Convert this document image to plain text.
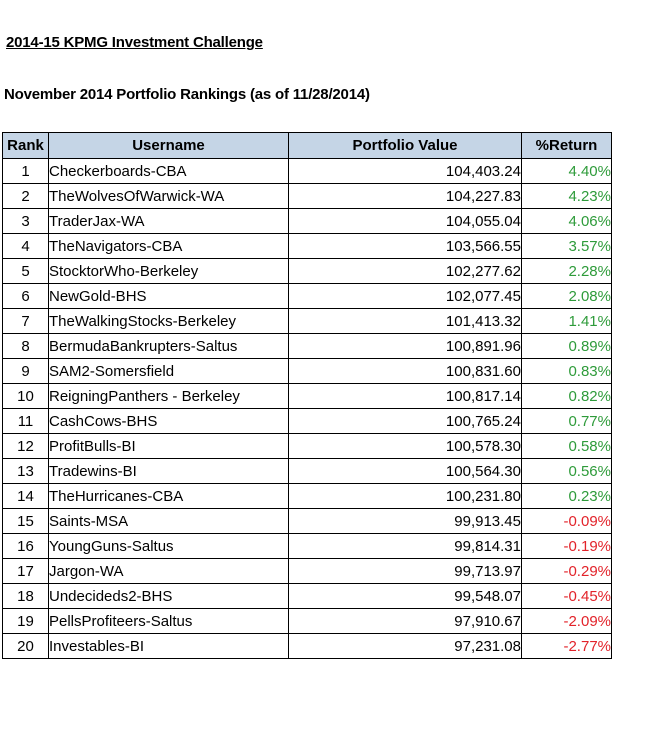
2014-15 KPMG Investment Challenge
November 2014 Portfolio Rankings (as of 11/28/2014)
Rank	Username	Portfolio Value	%Return
1	Checkerboards-CBA	104,403.24	4.40%
2	TheWolvesOfWarwick-WA	104,227.83	4.23%
3	TraderJax-WA	104,055.04	4.06%
4	TheNavigators-CBA	103,566.55	3.57%
5	StocktorWho-Berkeley	102,277.62	2.28%
6	NewGold-BHS	102,077.45	2.08%
7	TheWalkingStocks-Berkeley	101,413.32	1.41%
8	BermudaBankrupters-Saltus	100,891.96	0.89%
9	SAM2-Somersfield	100,831.60	0.83%
10	ReigningPanthers - Berkeley	100,817.14	0.82%
11	CashCows-BHS	100,765.24	0.77%
12	ProfitBulls-BI	100,578.30	0.58%
13	Tradewins-BI	100,564.30	0.56%
14	TheHurricanes-CBA	100,231.80	0.23%
15	Saints-MSA	99,913.45	-0.09%
16	YoungGuns-Saltus	99,814.31	-0.19%
17	Jargon-WA	99,713.97	-0.29%
18	Undecideds2-BHS	99,548.07	-0.45%
19	PellsProfiteers-Saltus	97,910.67	-2.09%
20	Investables-BI	97,231.08	-2.77%
